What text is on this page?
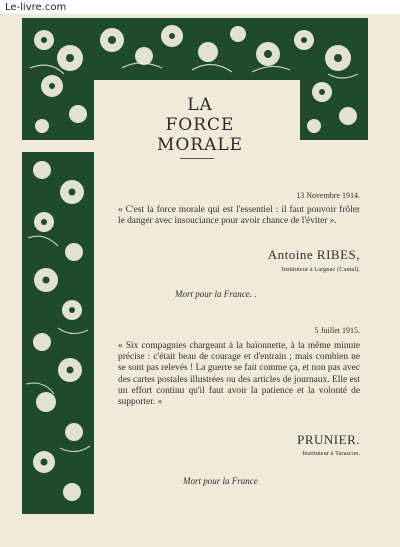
Le-livre.com
LA
FORCE
MORALE
13 Novembre 1914.
« C'est la force morale qui est l'essentiel : il faut pouvoir frôler le danger avec insouciance pour avoir chance de l'éviter ».
Antoine RIBES,
Instituteur à Largnac (Cantal).
Mort pour la France. .
5 Juillet 1915.
« Six compagnies chargeant à la baïonnette, à la même minute précise : c'était beau de courage et d'entrain ; mais combien ne se sont pas relevés ! La guerre se fait comme ça, et non pas avec des cartes postales illustrées ou des articles de journaux. Elle est un effort continu qu'il faut avoir la patience et la volonté de supporter. »
PRUNIER.
Instituteur à Tarascon.
Mort pour la France
